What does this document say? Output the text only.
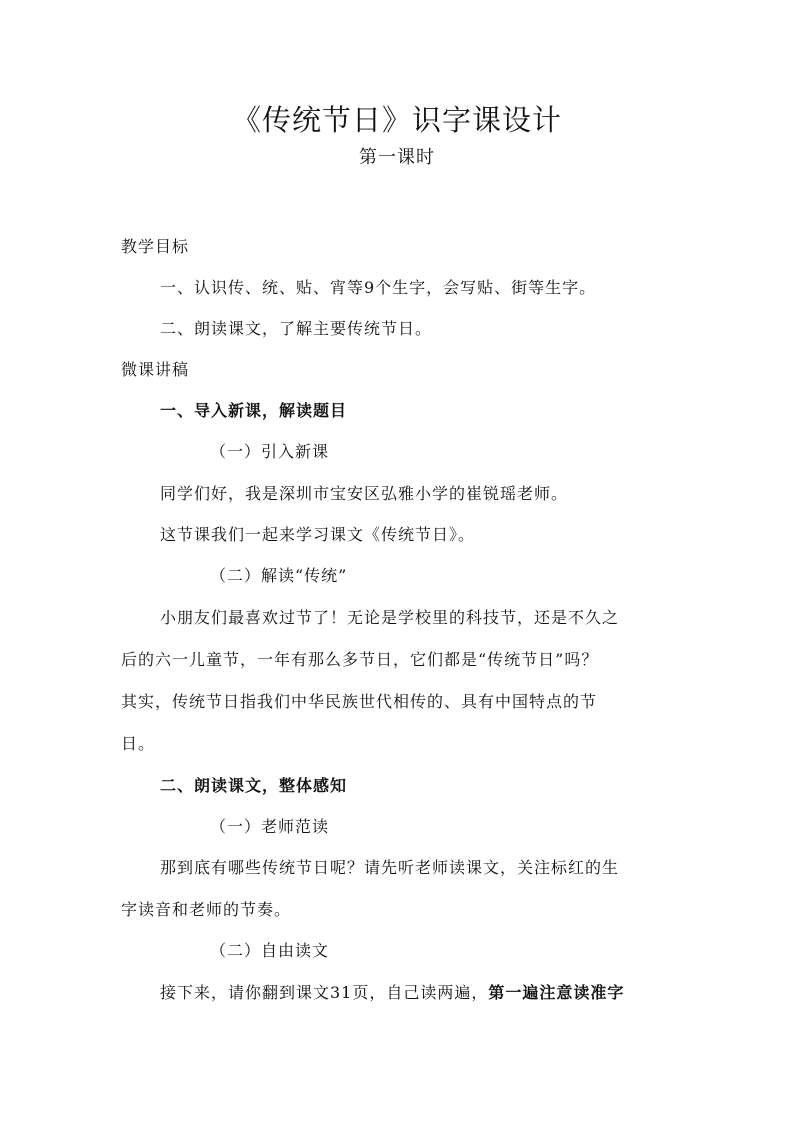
《传统节日》识字课设计
第一课时
教学目标
一、认识传、统、贴、宵等9个生字，会写贴、街等生字。
二、朗读课文，了解主要传统节日。
微课讲稿
一、导入新课，解读题目
（一）引入新课
同学们好，我是深圳市宝安区弘雅小学的崔锐瑶老师。
这节课我们一起来学习课文《传统节日》。
（二）解读“传统”
小朋友们最喜欢过节了！无论是学校里的科技节，还是不久之
后的六一儿童节，一年有那么多节日，它们都是“传统节日”吗？
其实，传统节日指我们中华民族世代相传的、具有中国特点的节
日。
二、朗读课文，整体感知
（一）老师范读
那到底有哪些传统节日呢？请先听老师读课文，关注标红的生
字读音和老师的节奏。
（二）自由读文
接下来，请你翻到课文31页，自己读两遍，第一遍注意读准字
